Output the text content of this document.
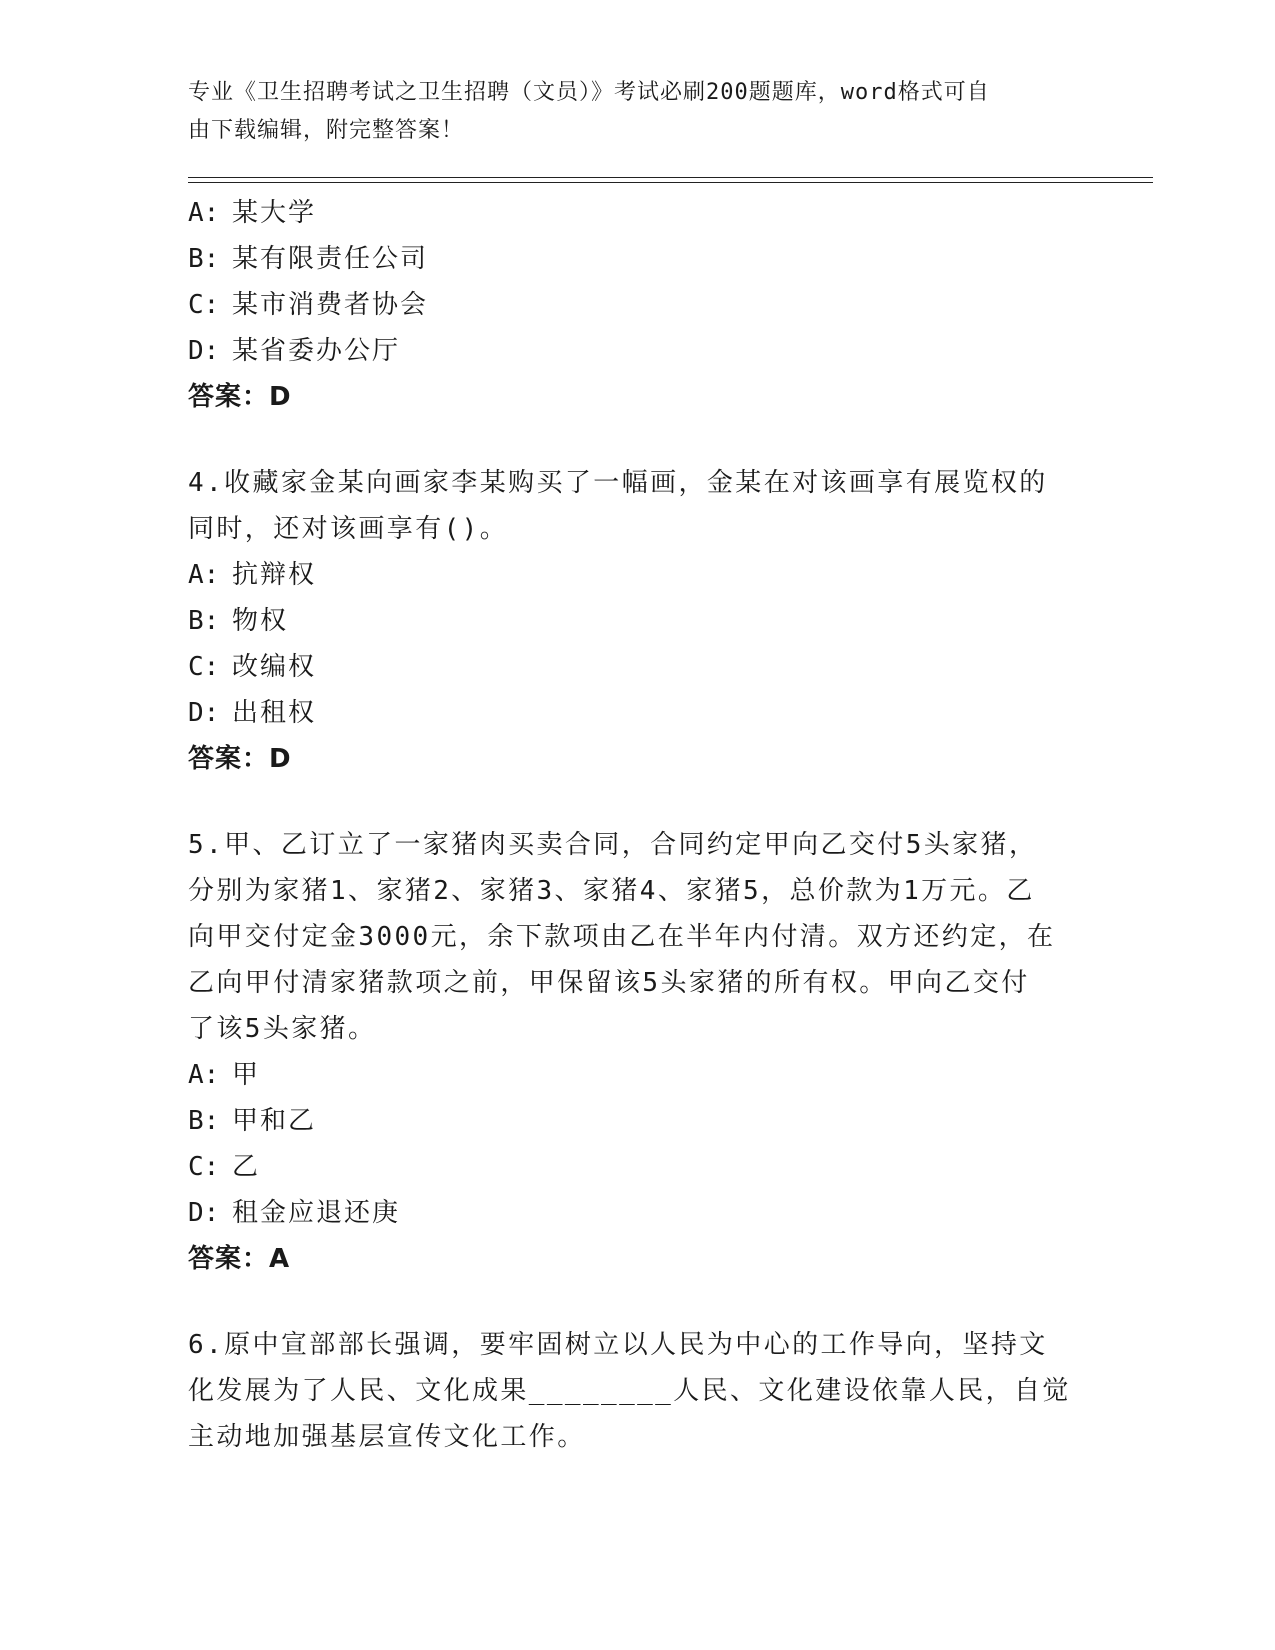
专业《卫生招聘考试之卫生招聘（文员）》考试必刷200题题库，word格式可自
由下载编辑，附完整答案！
A: 某大学
B: 某有限责任公司
C: 某市消费者协会
D: 某省委办公厅
答案：D
4.收藏家金某向画家李某购买了一幅画，金某在对该画享有展览权的
同时，还对该画享有()。
A: 抗辩权
B: 物权
C: 改编权
D: 出租权
答案：D
5.甲、乙订立了一家猪肉买卖合同，合同约定甲向乙交付5头家猪，
分别为家猪1、家猪2、家猪3、家猪4、家猪5，总价款为1万元。乙
向甲交付定金3000元，余下款项由乙在半年内付清。双方还约定，在
乙向甲付清家猪款项之前，甲保留该5头家猪的所有权。甲向乙交付
了该5头家猪。
A: 甲
B: 甲和乙
C: 乙
D: 租金应退还庚
答案：A
6.原中宣部部长强调，要牢固树立以人民为中心的工作导向，坚持文
化发展为了人民、文化成果________人民、文化建设依靠人民，自觉
主动地加强基层宣传文化工作。
